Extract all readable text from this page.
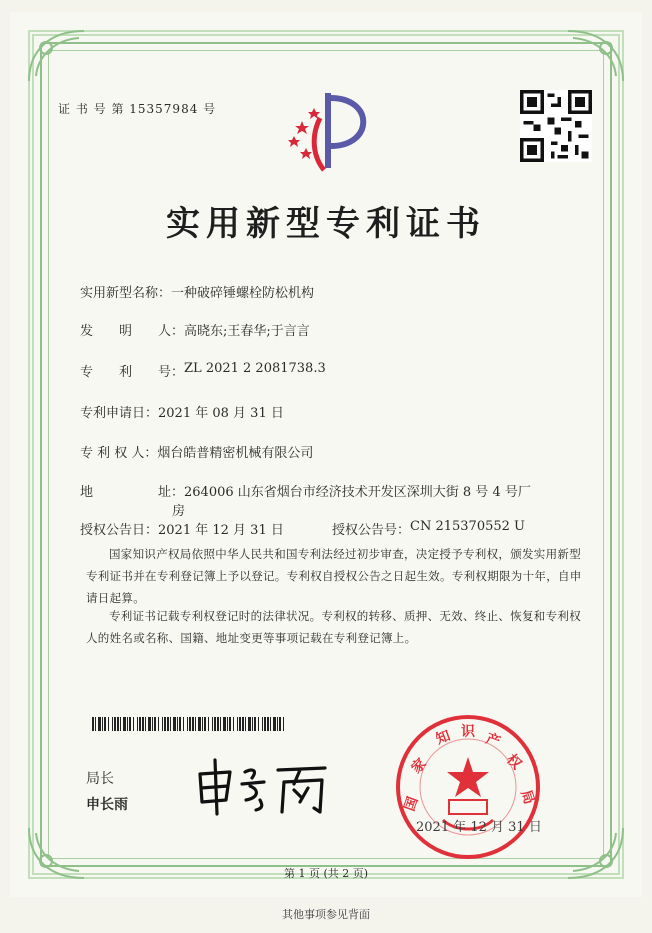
证 书 号 第 15357984 号
实用新型专利证书
实用新型名称： 一种破碎锤螺栓防松机构
发　　明　　人： 高晓东;王春华;于言言
专　　利　　号： ZL 2021 2 2081738.3
专利申请日： 2021 年 08 月 31 日
专 利 权 人： 烟台皓普精密机械有限公司
地　　　　　址： 264006 山东省烟台市经济技术开发区深圳大街 8 号 4 号厂
房
授权公告日： 2021 年 12 月 31 日	授权公告号： CN 215370552 U
国家知识产权局依照中华人民共和国专利法经过初步审查，决定授予专利权，颁发实用新型专利证书并在专利登记簿上予以登记。专利权自授权公告之日起生效。专利权期限为十年，自申请日起算。
专利证书记载专利权登记时的法律状况。专利权的转移、质押、无效、终止、恢复和专利权人的姓名或名称、国籍、地址变更等事项记载在专利登记簿上。
局长
申长雨	国
家
知 识 产
权
局
2021 年 12 月 31 日
第 1 页 (共 2 页)
其他事项参见背面
